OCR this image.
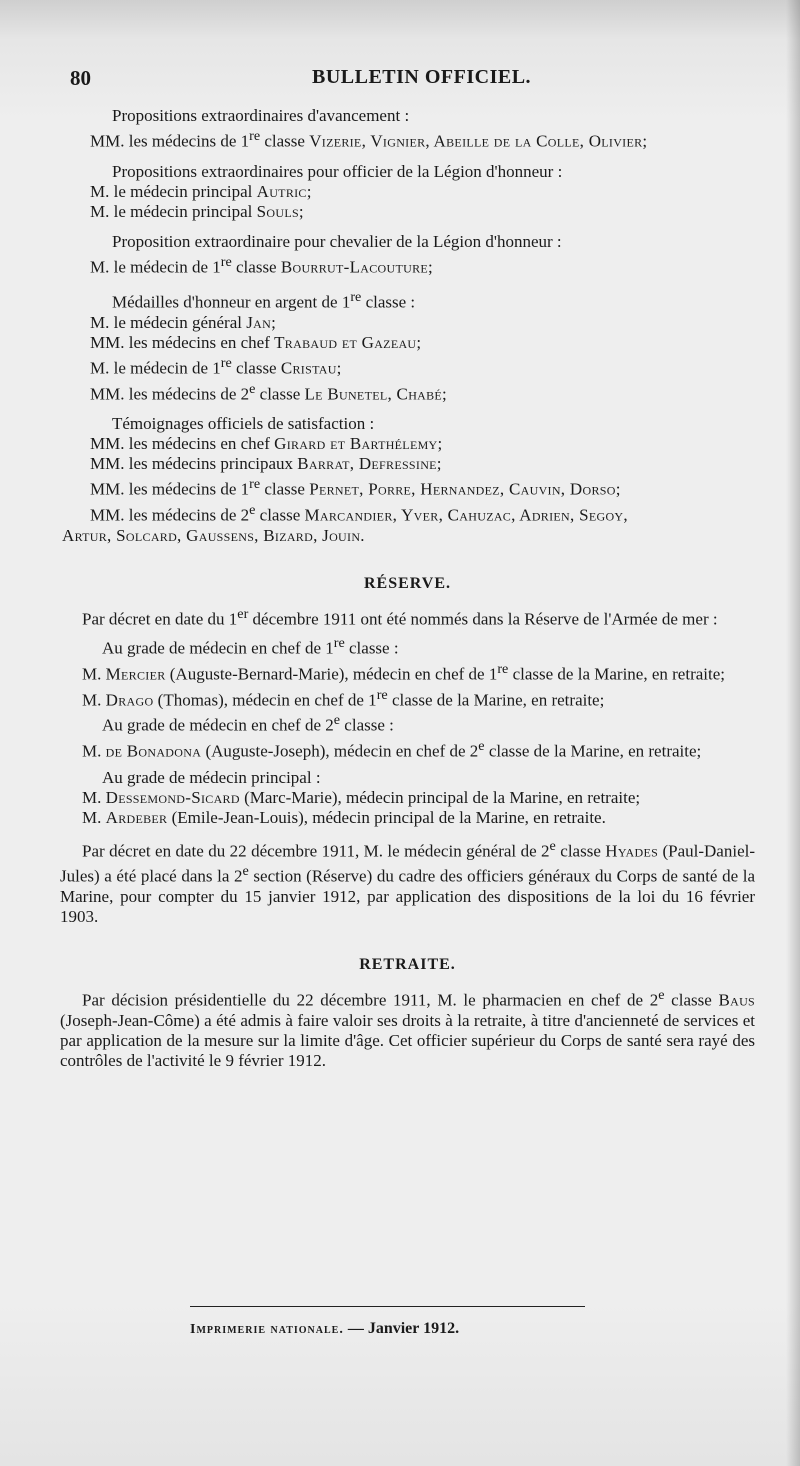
80	BULLETIN OFFICIEL.

Propositions extraordinaires d'avancement :

MM. les médecins de 1re classe Vizerie, Vignier, Abeille de la Colle, Olivier;

Propositions extraordinaires pour officier de la Légion d'honneur :

M. le médecin principal Autric;

M. le médecin principal Souls;

Proposition extraordinaire pour chevalier de la Légion d'honneur :

M. le médecin de 1re classe Bourrut-Lacouture;

Médailles d'honneur en argent de 1re classe :

M. le médecin général Jan;

MM. les médecins en chef Trabaud et Gazeau;

M. le médecin de 1re classe Cristau;

MM. les médecins de 2e classe Le Bunetel, Chabé;

Témoignages officiels de satisfaction :

MM. les médecins en chef Girard et Barthélemy;

MM. les médecins principaux Barrat, Defressine;

MM. les médecins de 1re classe Pernet, Porre, Hernandez, Cauvin, Dorso;

MM. les médecins de 2e classe Marcandier, Yver, Cahuzac, Adrien, Segoy,

Artur, Solcard, Gaussens, Bizard, Jouin.

RÉSERVE.

Par décret en date du 1er décembre 1911 ont été nommés dans la Réserve de l'Armée de mer :

Au grade de médecin en chef de 1re classe :

M. Mercier (Auguste-Bernard-Marie), médecin en chef de 1re classe de la Marine, en retraite;

M. Drago (Thomas), médecin en chef de 1re classe de la Marine, en retraite;

Au grade de médecin en chef de 2e classe :

M. de Bonadona (Auguste-Joseph), médecin en chef de 2e classe de la Marine, en retraite;

Au grade de médecin principal :

M. Dessemond-Sicard (Marc-Marie), médecin principal de la Marine, en retraite;

M. Ardeber (Emile-Jean-Louis), médecin principal de la Marine, en retraite.

Par décret en date du 22 décembre 1911, M. le médecin général de 2e classe Hyades (Paul-Daniel-Jules) a été placé dans la 2e section (Réserve) du cadre des officiers généraux du Corps de santé de la Marine, pour compter du 15 janvier 1912, par application des dispositions de la loi du 16 février 1903.

RETRAITE.

Par décision présidentielle du 22 décembre 1911, M. le pharmacien en chef de 2e classe Baus (Joseph-Jean-Côme) a été admis à faire valoir ses droits à la retraite, à titre d'ancienneté de services et par application de la mesure sur la limite d'âge. Cet officier supérieur du Corps de santé sera rayé des contrôles de l'activité le 9 février 1912.

Imprimerie nationale. — Janvier 1912.
